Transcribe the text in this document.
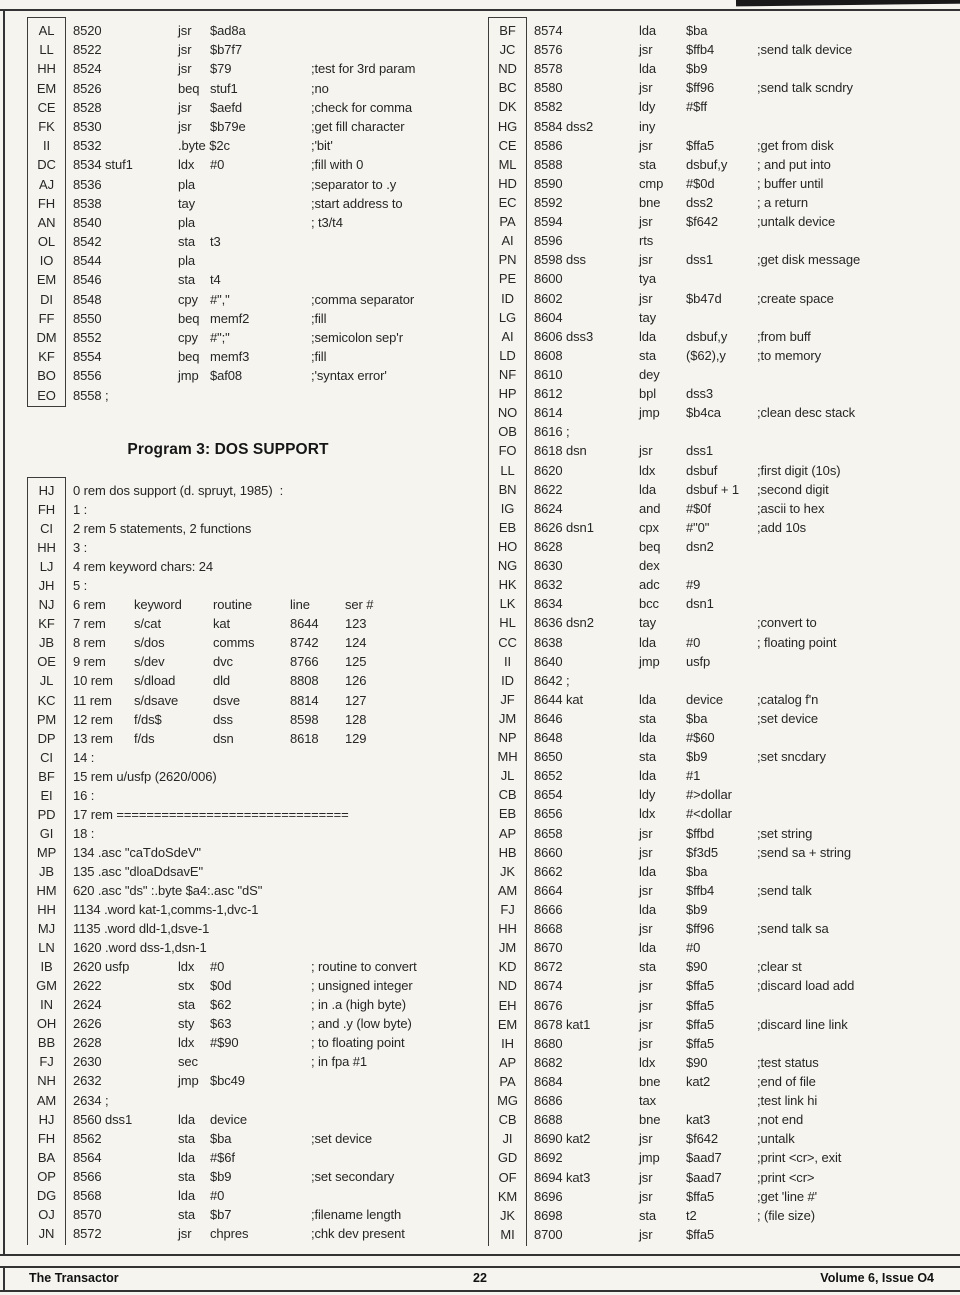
AL	8520	jsr $ad8a
LL	8522	jsr $b7f7
HH	8524	jsr $79	;test for 3rd param
EM	8526	beq stuf1	;no
CE	8528	jsr $aefd	;check for comma
FK	8530	jsr $b79e	;get fill character
II	8532	.byte $2c	;'bit'
DC	8534 stuf1	ldx #0	;fill with 0
AJ	8536	pla	;separator to .y
FH	8538	tay	;start address to
AN	8540	pla	; t3/t4
OL	8542	sta t3
IO	8544	pla
EM	8546	sta t4
DI	8548	cpy #","	;comma separator
FF	8550	beq memf2	;fill
DM	8552	cpy #";"	;semicolon sep'r
KF	8554	beq memf3	;fill
BO	8556	jmp $af08	;'syntax error'
EO	8558 ;
Program 3: DOS SUPPORT
HJ	0 rem dos support (d. spruyt, 1985)  :
FH	1 :
CI	2 rem 5 statements, 2 functions
HH	3 :
LJ	4 rem keyword chars: 24
JH	5 :
NJ	6 rem keyword routine	line	ser #
KF	7 rem s/cat	kat	8644 123
JB	8 rem s/dos	comms	8742 124
OE	9 rem s/dev	dvc	8766 125
JL	10 rem s/dload	dld	8808 126
KC	11 rem s/dsave	dsve	8814 127
PM	12 rem f/ds$	dss	8598 128
DP	13 rem f/ds	dsn	8618 129
CI	14 :
BF	15 rem u/usfp (2620/006)
EI	16 :
PD	17 rem ===============================
GI	18 :
MP	134 .asc "caTdoSdeV"
JB	135 .asc "dloaDdsavE"
HM	620 .asc "ds" :.byte $a4:.asc "dS"
HH	1134 .word kat-1,comms-1,dvc-1
MJ	1135 .word dld-1,dsve-1
LN	1620 .word dss-1,dsn-1
IB	2620 usfp	ldx #0	; routine to convert
GM	2622	stx $0d	; unsigned integer
IN	2624	sta $62	; in .a (high byte)
OH	2626	sty $63	; and .y (low byte)
BB	2628	ldx #$90	; to floating point
FJ	2630	sec	; in fpa #1
NH	2632	jmp $bc49
AM	2634 ;
HJ	8560 dss1	lda device
FH	8562	sta $ba	;set device
BA	8564	lda #$6f
OP	8566	sta $b9	;set secondary
DG	8568	lda #0
OJ	8570	sta $b7	;filename length
JN	8572	jsr chpres	;chk dev present
BF	8574	lda $ba
JC	8576	jsr	$ffb4	;send talk device
ND	8578	lda $b9
BC	8580	jsr	$ff96	;send talk scndry
DK	8582	ldy #$ff
HG	8584 dss2	iny
CE	8586	jsr	$ffa5	;get from disk
ML	8588	sta dsbuf,y ; and put into
HD	8590	cmp #$0d	; buffer until
EC	8592	bne dss2	; a return
PA	8594	jsr	$f642	;untalk device
AI	8596	rts
PN	8598 dss	jsr	dss1	;get disk message
PE	8600	tya
ID	8602	jsr	$b47d	;create space
LG	8604	tay
AI	8606 dss3	lda dsbuf,y ;from buff
LD	8608	sta ($62),y ;to memory
NF	8610	dey
HP	8612	bpl dss3
NO	8614	jmp $b4ca	;clean desc stack
OB	8616 ;
FO	8618 dsn	jsr	dss1
LL	8620	ldx dsbuf	;first digit (10s)
BN	8622	lda dsbuf + 1 ;second digit
IG	8624	and #$0f	;ascii to hex
EB	8626 dsn1	cpx #"0"	;add 10s
HO	8628	beq dsn2
NG	8630	dex
HK	8632	adc #9
LK	8634	bcc dsn1
HL	8636 dsn2	tay	;convert to
CC	8638	lda #0	; floating point
II	8640	jmp usfp
ID	8642 ;
JF	8644 kat	lda device	;catalog f'n
JM	8646	sta $ba	;set device
NP	8648	lda #$60
MH	8650	sta $b9	;set sncdary
JL	8652	lda #1
CB	8654	ldy #>dollar
EB	8656	ldx #<dollar
AP	8658	jsr	$ffbd	;set string
HB	8660	jsr	$f3d5	;send sa + string
JK	8662	lda $ba
AM	8664	jsr	$ffb4	;send talk
FJ	8666	lda $b9
HH	8668	jsr	$ff96	;send talk sa
JM	8670	lda #0
KD	8672	sta $90	;clear st
ND	8674	jsr	$ffa5	;discard load add
EH	8676	jsr	$ffa5
EM	8678 kat1	jsr	$ffa5	;discard line link
IH	8680	jsr	$ffa5
AP	8682	ldx $90	;test status
PA	8684	bne kat2	;end of file
MG	8686	tax	;test link hi
CB	8688	bne kat3	;not end
JI	8690 kat2	jsr	$f642	;untalk
GD	8692	jmp $aad7	;print <cr>, exit
OF	8694 kat3	jsr	$aad7	;print <cr>
KM	8696	jsr	$ffa5	;get 'line #'
JK	8698	sta t2	; (file size)
MI	8700	jsr	$ffa5
The Transactor	22	Volume 6, Issue O4
